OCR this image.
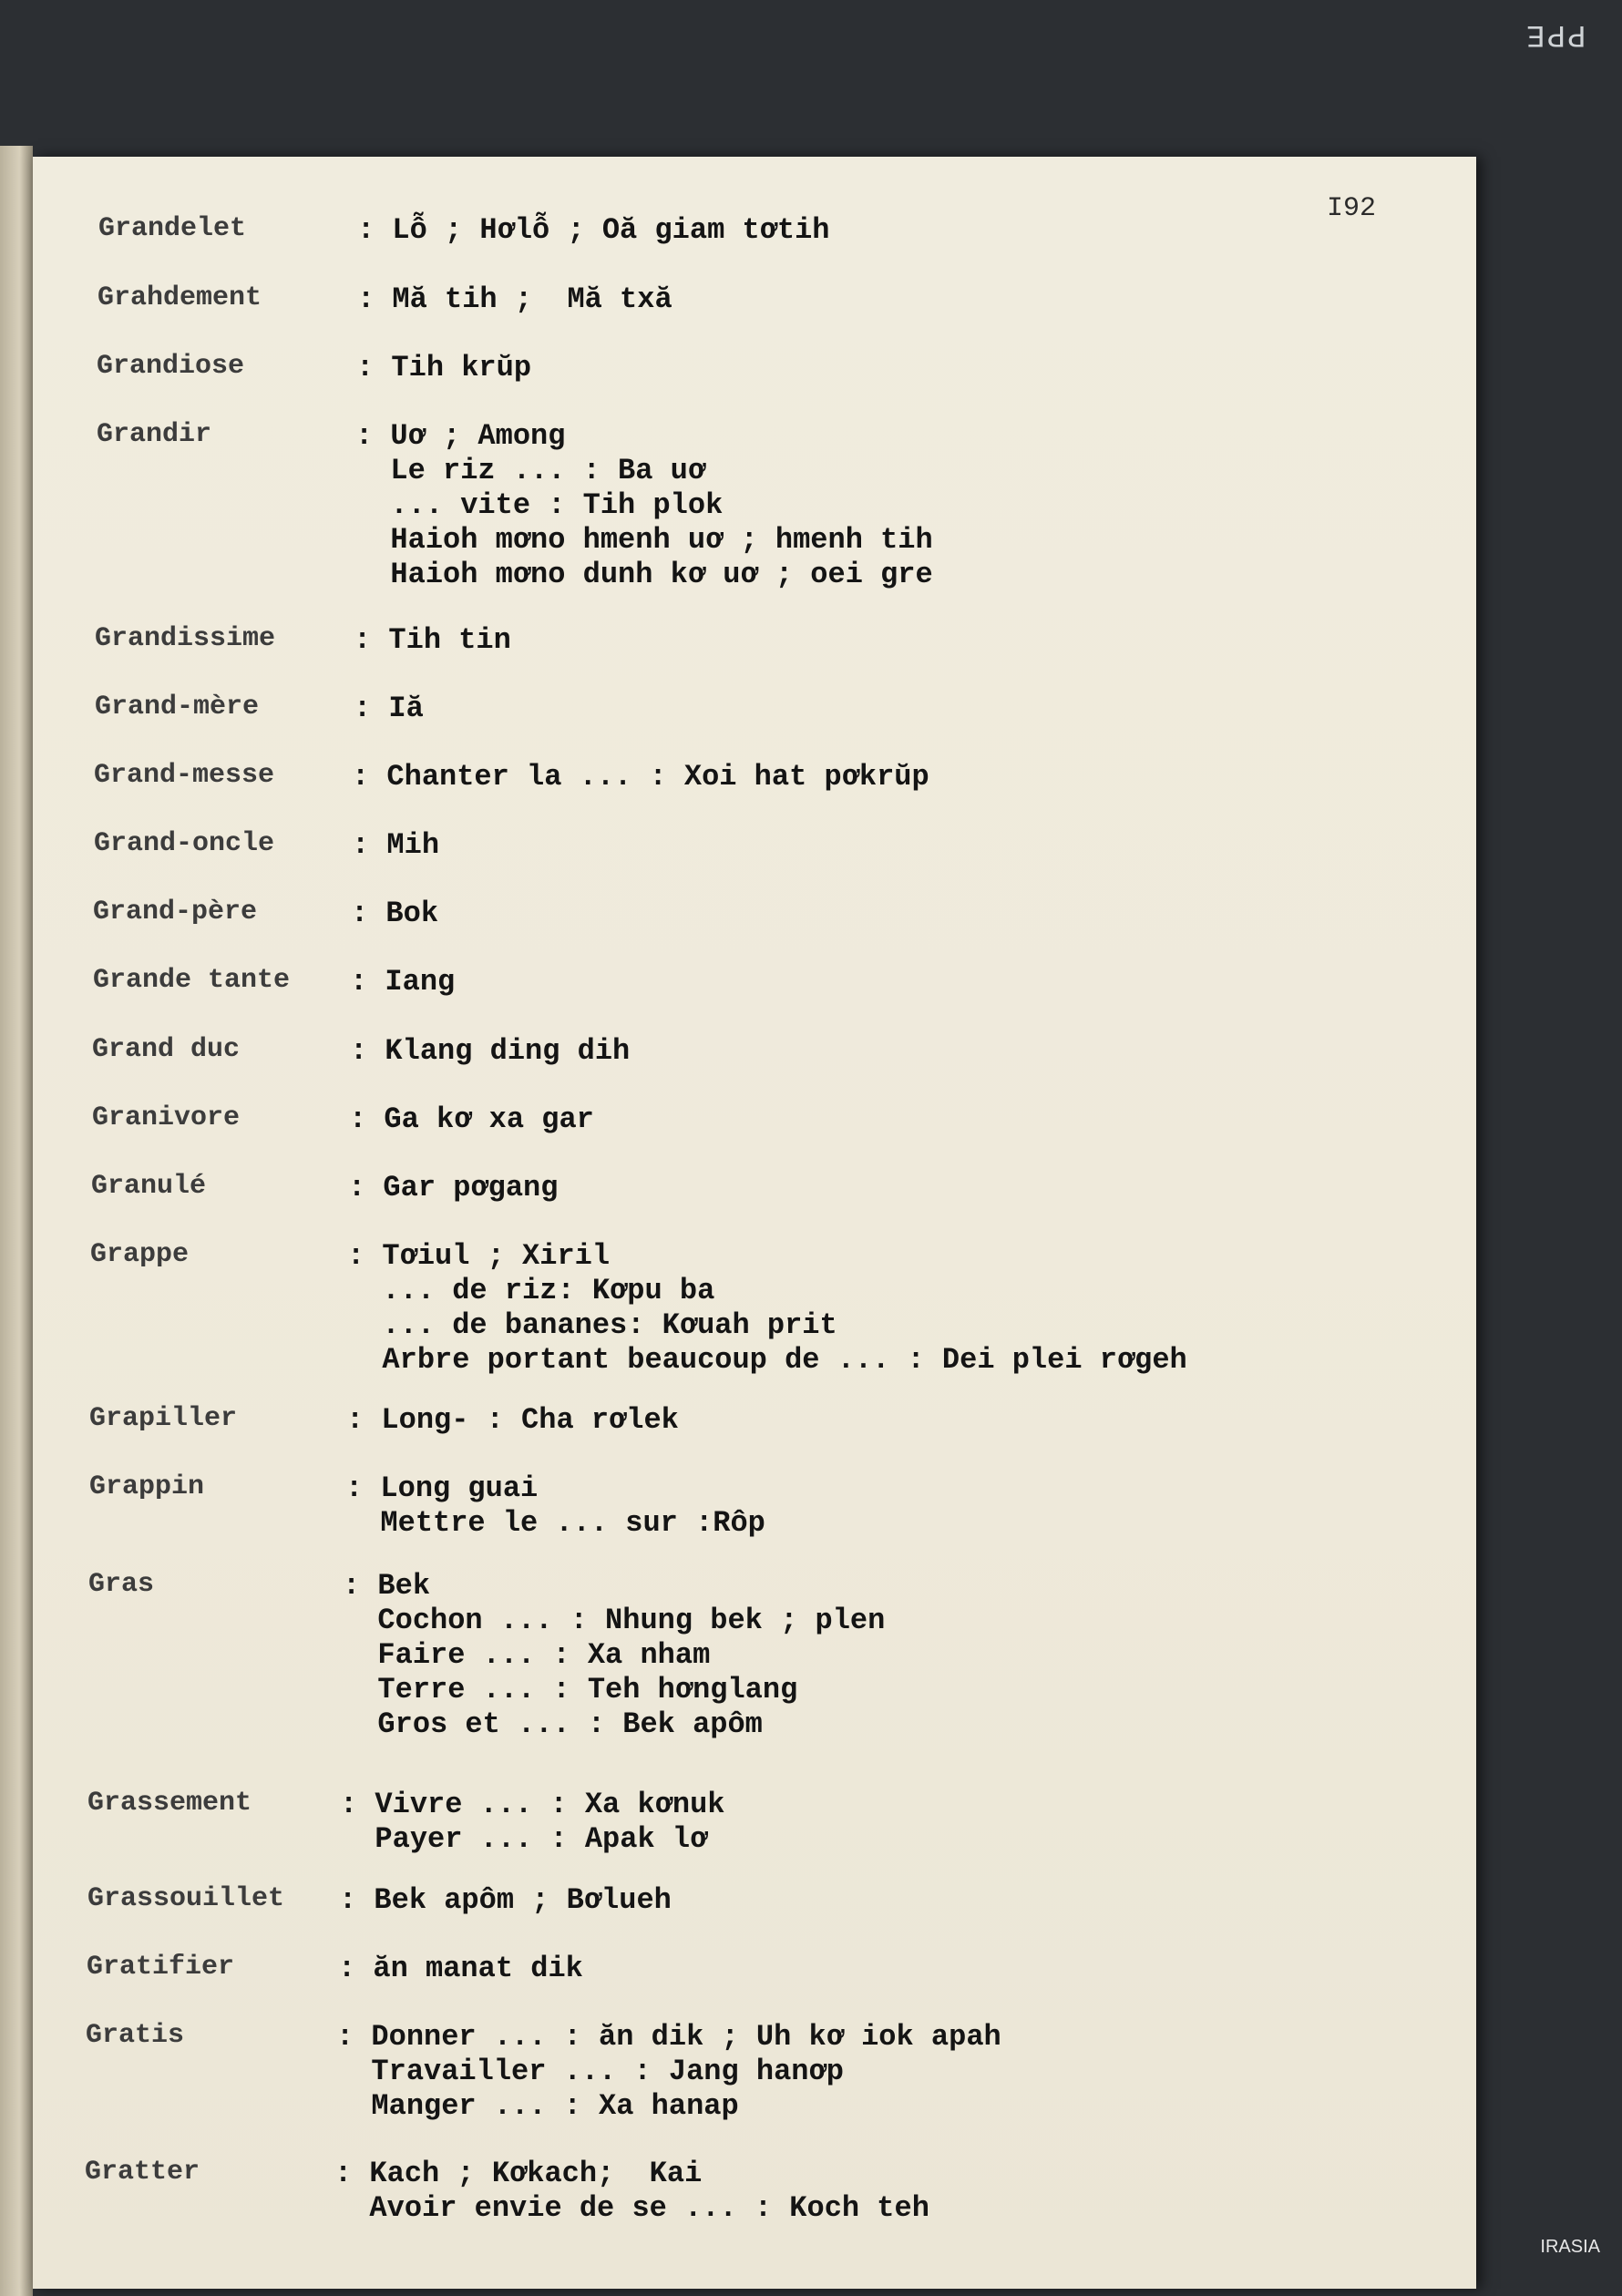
PPE
I92
Grandelet	: Lỗ ; Hơlỗ ; Oă giam tơtih
Grahdement	: Mă tih ;  Mă txă
Grandiose	: Tih krŭp
Grandir	: Uơ ; Among
Le riz ... : Ba uơ
... vite : Tih plok
Haioh mơno hmenh uơ ; hmenh tih
Haioh mơno dunh kơ uơ ; oei gre
Grandissime	: Tih tin
Grand-mère	: Iă
Grand-messe	: Chanter la ... : Xoi hat pơkrŭp
Grand-oncle	: Mih
Grand-père	: Bok
Grande tante : Iang
Grand duc	: Klang ding dih
Granivore	: Ga kơ xa gar
Granulé	: Gar pơgang
Grappe	: Tơiul ; Xiril
... de riz: Kơpu ba
... de bananes: Kơuah prit
Arbre portant beaucoup de ... : Dei plei rơgeh
Grapiller	: Long- : Cha rơlek
Grappin	: Long guai
Mettre le ... sur :Rôp
Gras	: Bek
Cochon ... : Nhung bek ; plen
Faire ... : Xa nham
Terre ... : Teh hơnglang
Gros et ... : Bek apôm
Grassement	: Vivre ... : Xa kơnuk
Payer ... : Apak lơ
Grassouillet : Bek apôm ; Bơlueh
Gratifier	: ăn manat dik
Gratis	: Donner ... : ăn dik ; Uh kơ iok apah
Travailler ... : Jang hanơp
Manger ... : Xa hanap
Gratter	: Kach ; Kơkach;  Kai
Avoir envie de se ... : Koch teh
IRASIA
